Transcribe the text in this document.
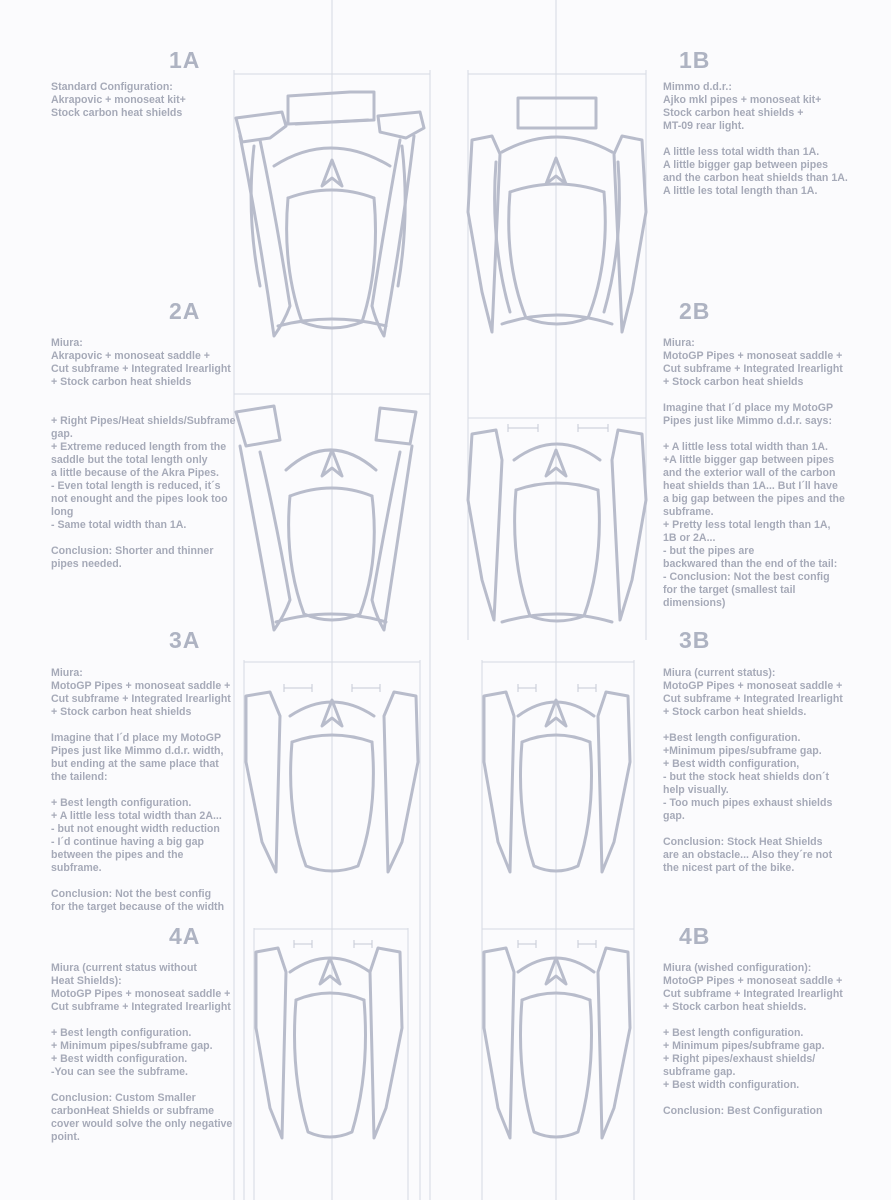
1A	1B
2A	2B
3A	3B
4A	4B
Standard Configuration:
Akrapovic + monoseat kit+
Stock carbon heat shields
Mimmo d.d.r.:
Ajko mkl pipes + monoseat kit+
Stock carbon heat shields +
MT-09 rear light.

A little less total width than 1A.
A little bigger gap between pipes
and the carbon heat shields than 1A.
A little les total length than 1A.
Miura:
Akrapovic + monoseat saddle +
Cut subframe + Integrated lrearlight
+ Stock carbon heat shields

+ Right Pipes/Heat shields/Subframe
gap.
+ Extreme reduced length from the
saddle but the total length only
a little because of the Akra Pipes.
- Even total length is reduced, it´s
not enought and the pipes look too
long
- Same total width than 1A.

Conclusion: Shorter and thinner
pipes needed.
Miura:
MotoGP Pipes + monoseat saddle +
Cut subframe + Integrated lrearlight
+ Stock carbon heat shields

Imagine that I´d place my MotoGP
Pipes just like Mimmo d.d.r. says:

+ A little less total width than 1A.
+A little bigger gap between pipes
and the exterior wall of the carbon
heat shields than 1A... But I´ll have
a big gap between the pipes and the
subframe.
+ Pretty less total length than 1A,
1B or 2A...
- but the pipes are
backwared than the end of the tail:
- Conclusion: Not the best config
for the target (smallest tail
dimensions)
Miura:
MotoGP Pipes + monoseat saddle +
Cut subframe + Integrated lrearlight
+ Stock carbon heat shields

Imagine that I´d place my MotoGP
Pipes just like Mimmo d.d.r. width,
but ending at the same place that
the tailend:

+ Best length configuration.
+ A little less total width than 2A...
- but not enought width reduction
- I´d continue having a big gap
between the pipes and the
subframe.

Conclusion: Not the best config
for the target because of the width
Miura (current status):
MotoGP Pipes + monoseat saddle +
Cut subframe + Integrated lrearlight
+ Stock carbon heat shields.

+Best length configuration.
+Minimum pipes/subframe gap.
+ Best width configuration,
- but the stock heat shields don´t
help visually.
- Too much pipes exhaust shields
gap.

Conclusion: Stock Heat Shields
are an obstacle... Also they´re not
the nicest part of the bike.
Miura (current status without
Heat Shields):
MotoGP Pipes + monoseat saddle +
Cut subframe + Integrated lrearlight

+ Best length configuration.
+ Minimum pipes/subframe gap.
+ Best width configuration.
-You can see the subframe.

Conclusion: Custom Smaller
carbonHeat Shields or subframe
cover would solve the only negative
point.
Miura (wished configuration):
MotoGP Pipes + monoseat saddle +
Cut subframe + Integrated lrearlight
+ Stock carbon heat shields.

+ Best length configuration.
+ Minimum pipes/subframe gap.
+ Right pipes/exhaust shields/
subframe gap.
+ Best width configuration.

Conclusion: Best Configuration
